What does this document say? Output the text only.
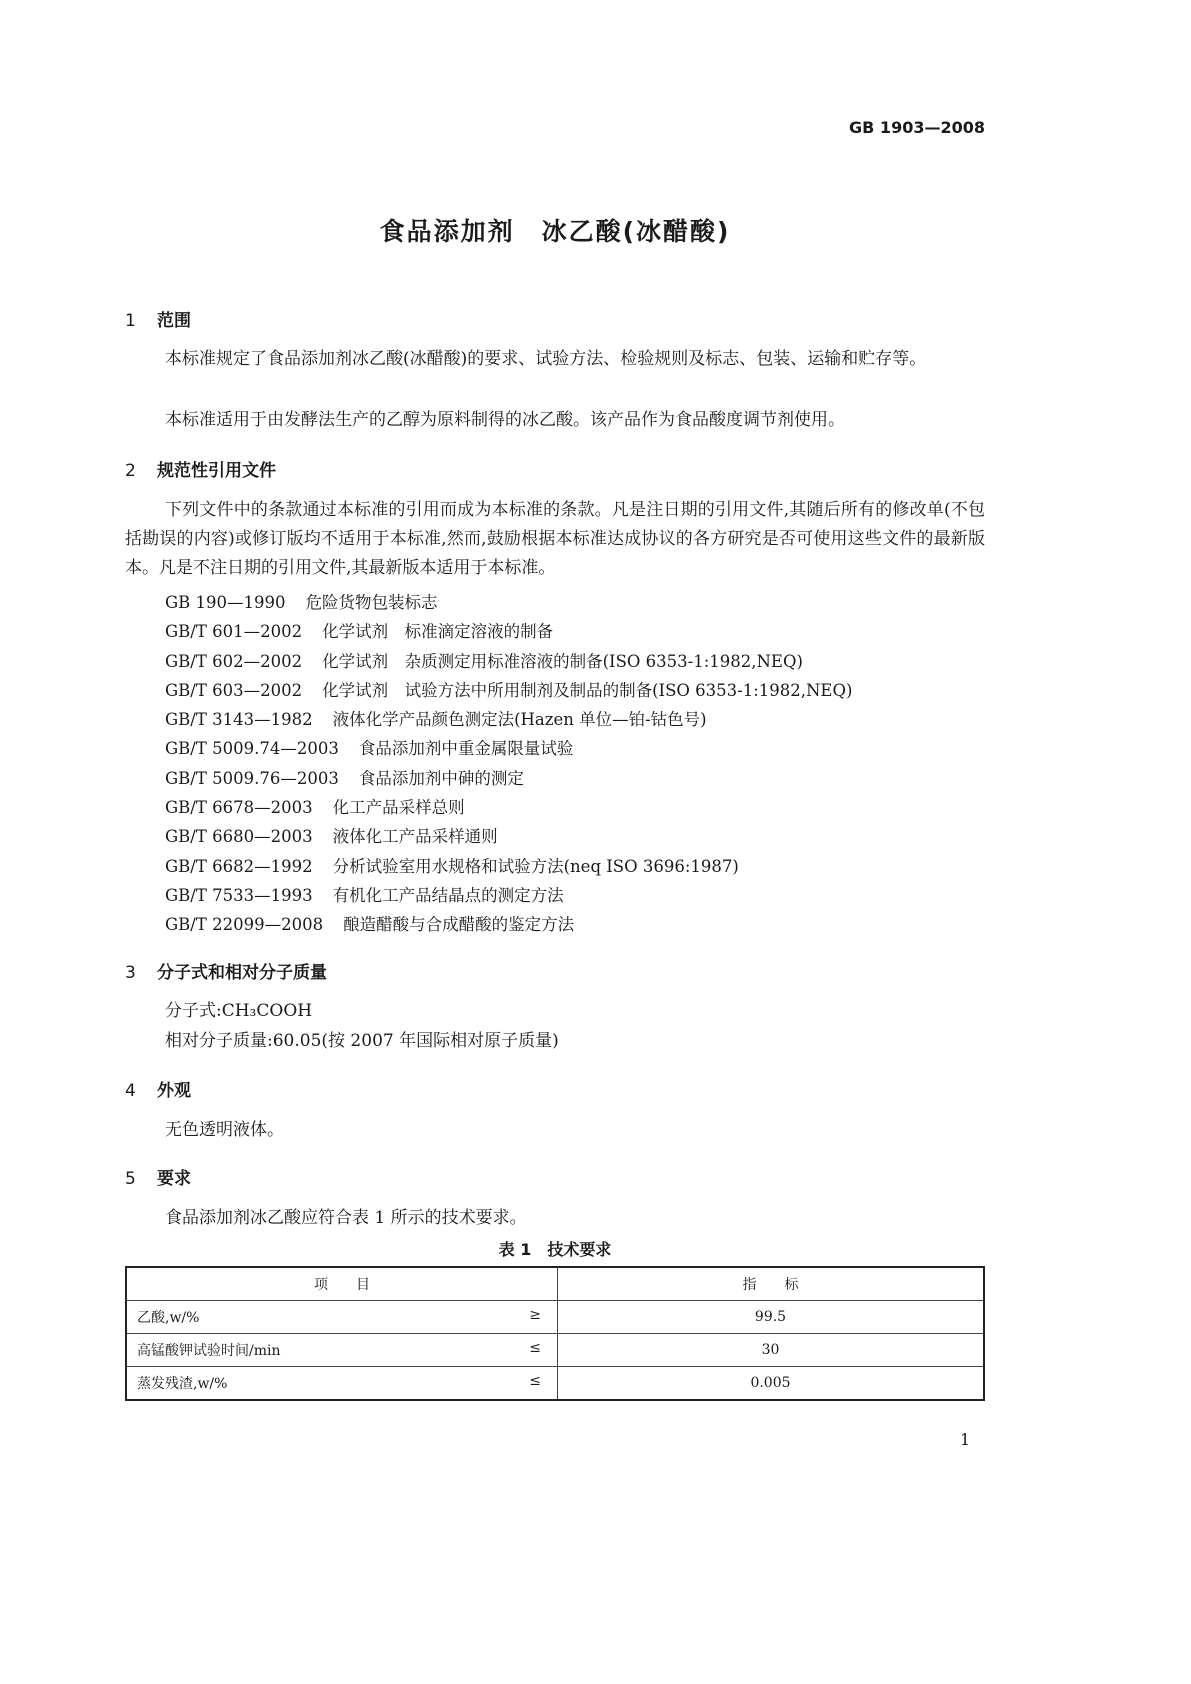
GB 1903—2008
食品添加剂　冰乙酸(冰醋酸)
1 范围
本标准规定了食品添加剂冰乙酸(冰醋酸)的要求、试验方法、检验规则及标志、包装、运输和贮存等。
本标准适用于由发酵法生产的乙醇为原料制得的冰乙酸。该产品作为食品酸度调节剂使用。
2 规范性引用文件
下列文件中的条款通过本标准的引用而成为本标准的条款。凡是注日期的引用文件,其随后所有的修改单(不包括勘误的内容)或修订版均不适用于本标准,然而,鼓励根据本标准达成协议的各方研究是否可使用这些文件的最新版本。凡是不注日期的引用文件,其最新版本适用于本标准。
GB 190—1990 危险货物包装标志
GB/T 601—2002 化学试剂　标准滴定溶液的制备
GB/T 602—2002 化学试剂　杂质测定用标准溶液的制备(ISO 6353-1:1982,NEQ)
GB/T 603—2002 化学试剂　试验方法中所用制剂及制品的制备(ISO 6353-1:1982,NEQ)
GB/T 3143—1982 液体化学产品颜色测定法(Hazen 单位—铂-钴色号)
GB/T 5009.74—2003 食品添加剂中重金属限量试验
GB/T 5009.76—2003 食品添加剂中砷的测定
GB/T 6678—2003 化工产品采样总则
GB/T 6680—2003 液体化工产品采样通则
GB/T 6682—1992 分析试验室用水规格和试验方法(neq ISO 3696:1987)
GB/T 7533—1993 有机化工产品结晶点的测定方法
GB/T 22099—2008 酿造醋酸与合成醋酸的鉴定方法
3 分子式和相对分子质量
分子式:CH₃COOH
相对分子质量:60.05(按 2007 年国际相对原子质量)
4 外观
无色透明液体。
5 要求
食品添加剂冰乙酸应符合表 1 所示的技术要求。
表 1　技术要求
项　　目	指　　标
乙酸,w/% ≥	99.5
高锰酸钾试验时间/min ≤	30
蒸发残渣,w/% ≤	0.005
1
